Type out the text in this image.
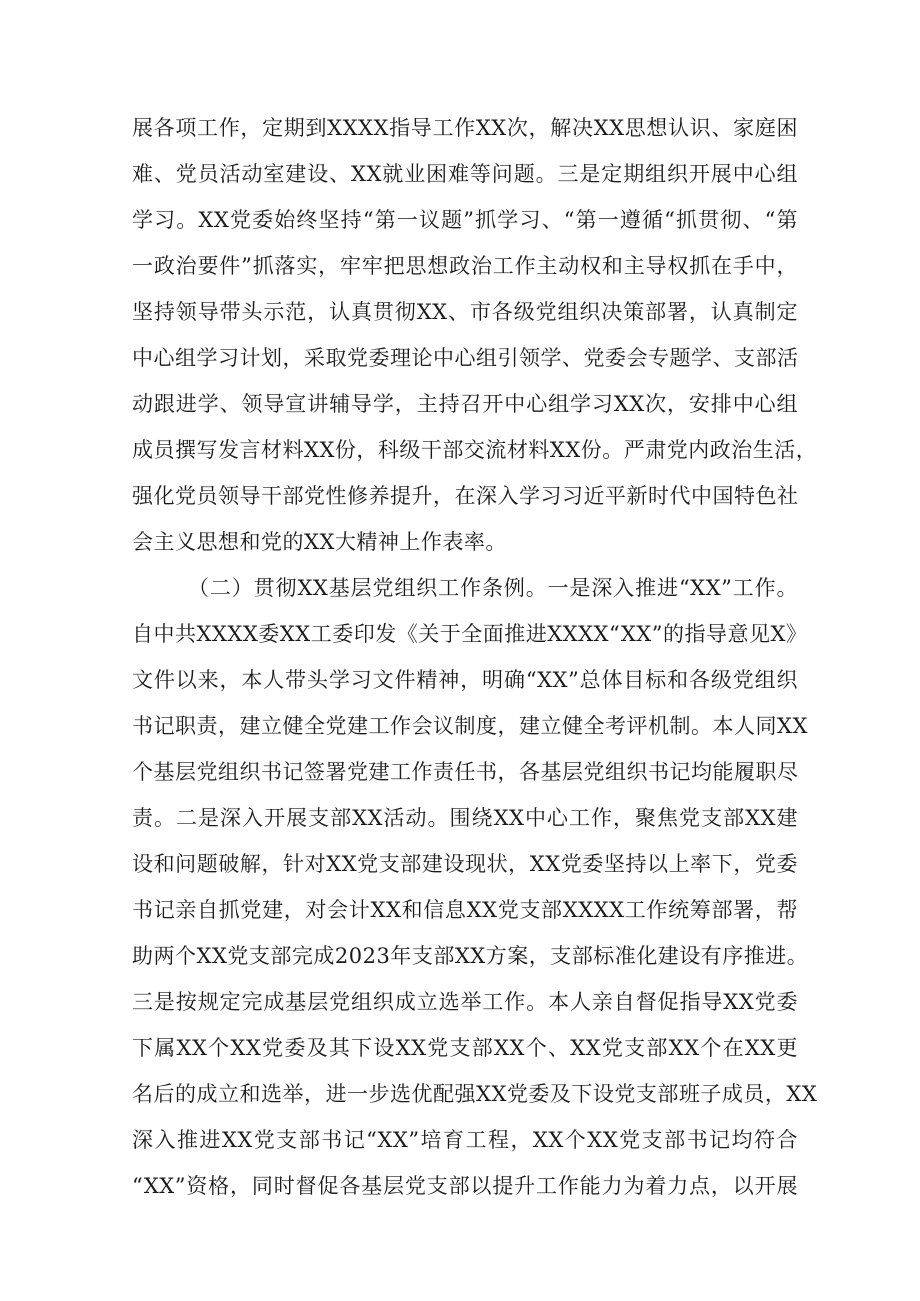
展各项工作，定期到XXXX指导工作XX次，解决XX思想认识、家庭困
难、党员活动室建设、XX就业困难等问题。三是定期组织开展中心组
学习。XX党委始终坚持“第一议题”抓学习、“第一遵循“抓贯彻、“第
一政治要件”抓落实，牢牢把思想政治工作主动权和主导权抓在手中，
坚持领导带头示范，认真贯彻XX、市各级党组织决策部署，认真制定
中心组学习计划，采取党委理论中心组引领学、党委会专题学、支部活
动跟进学、领导宣讲辅导学，主持召开中心组学习XX次，安排中心组
成员撰写发言材料XX份，科级干部交流材料XX份。严肃党内政治生活，
强化党员领导干部党性修养提升，在深入学习习近平新时代中国特色社
会主义思想和党的XX大精神上作表率。
（二）贯彻XX基层党组织工作条例。一是深入推进“XX”工作。
自中共XXXX委XX工委印发《关于全面推进XXXX“XX”的指导意见X》
文件以来，本人带头学习文件精神，明确“XX”总体目标和各级党组织
书记职责，建立健全党建工作会议制度，建立健全考评机制。本人同XX
个基层党组织书记签署党建工作责任书，各基层党组织书记均能履职尽
责。二是深入开展支部XX活动。围绕XX中心工作，聚焦党支部XX建
设和问题破解，针对XX党支部建设现状，XX党委坚持以上率下，党委
书记亲自抓党建，对会计XX和信息XX党支部XXXX工作统筹部署，帮
助两个XX党支部完成2023年支部XX方案，支部标准化建设有序推进。
三是按规定完成基层党组织成立选举工作。本人亲自督促指导XX党委
下属XX个XX党委及其下设XX党支部XX个、XX党支部XX个在XX更
名后的成立和选举，进一步选优配强XX党委及下设党支部班子成员，XX
深入推进XX党支部书记“XX”培育工程，XX个XX党支部书记均符合
“XX”资格，同时督促各基层党支部以提升工作能力为着力点，以开展
